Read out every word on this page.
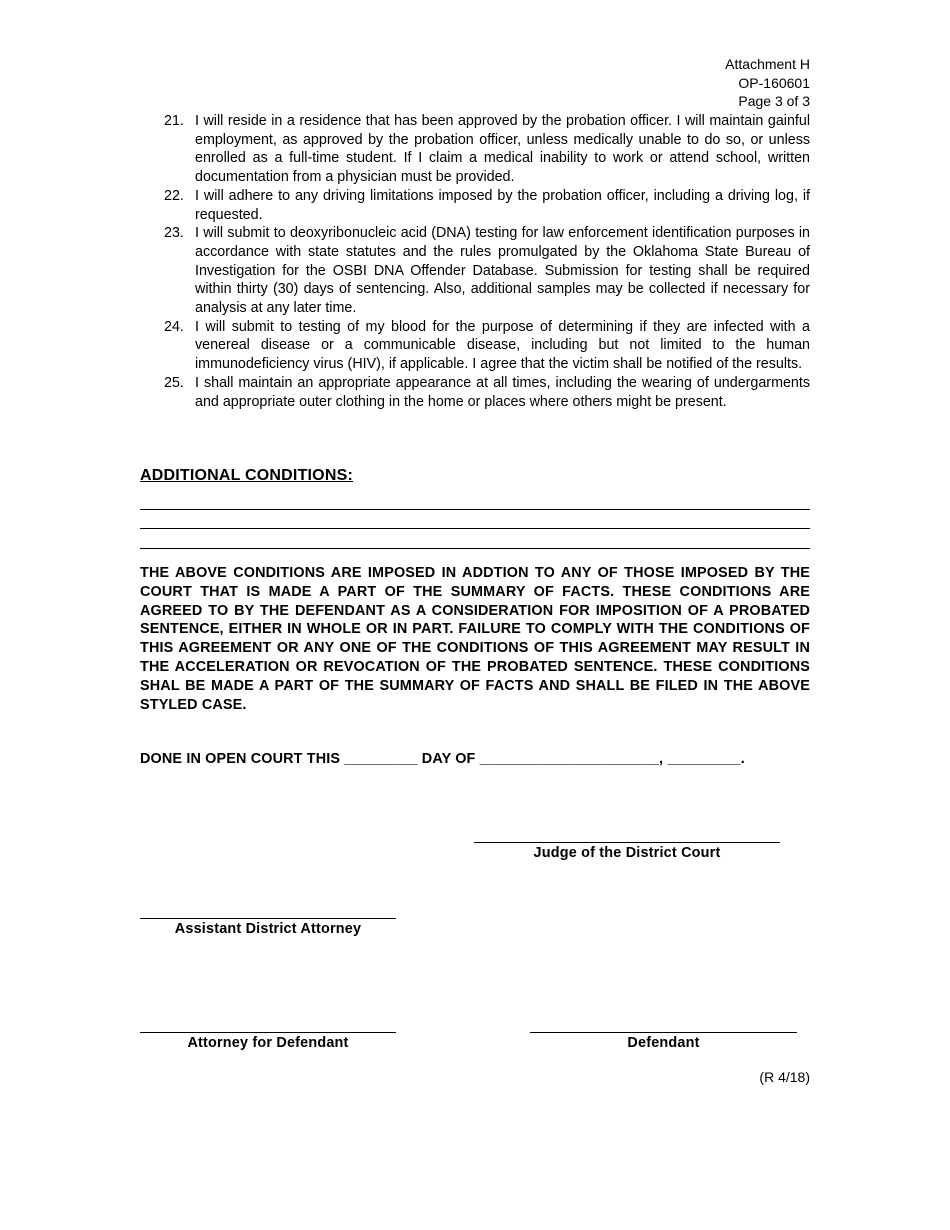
Attachment H
OP-160601
Page 3 of 3
21. I will reside in a residence that has been approved by the probation officer. I will maintain gainful employment, as approved by the probation officer, unless medically unable to do so, or unless enrolled as a full-time student. If I claim a medical inability to work or attend school, written documentation from a physician must be provided.
22. I will adhere to any driving limitations imposed by the probation officer, including a driving log, if requested.
23. I will submit to deoxyribonucleic acid (DNA) testing for law enforcement identification purposes in accordance with state statutes and the rules promulgated by the Oklahoma State Bureau of Investigation for the OSBI DNA Offender Database. Submission for testing shall be required within thirty (30) days of sentencing. Also, additional samples may be collected if necessary for analysis at any later time.
24. I will submit to testing of my blood for the purpose of determining if they are infected with a venereal disease or a communicable disease, including but not limited to the human immunodeficiency virus (HIV), if applicable. I agree that the victim shall be notified of the results.
25. I shall maintain an appropriate appearance at all times, including the wearing of undergarments and appropriate outer clothing in the home or places where others might be present.
ADDITIONAL CONDITIONS:

THE ABOVE CONDITIONS ARE IMPOSED IN ADDTION TO ANY OF THOSE IMPOSED BY THE COURT THAT IS MADE A PART OF THE SUMMARY OF FACTS. THESE CONDITIONS ARE AGREED TO BY THE DEFENDANT AS A CONSIDERATION FOR IMPOSITION OF A PROBATED SENTENCE, EITHER IN WHOLE OR IN PART. FAILURE TO COMPLY WITH THE CONDITIONS OF THIS AGREEMENT OR ANY ONE OF THE CONDITIONS OF THIS AGREEMENT MAY RESULT IN THE ACCELERATION OR REVOCATION OF THE PROBATED SENTENCE. THESE CONDITIONS SHAL BE MADE A PART OF THE SUMMARY OF FACTS AND SHALL BE FILED IN THE ABOVE STYLED CASE.

DONE IN OPEN COURT THIS _________ DAY OF ______________________, _________.
Judge of the District Court
Assistant District Attorney
Attorney for Defendant	Defendant
(R 4/18)
